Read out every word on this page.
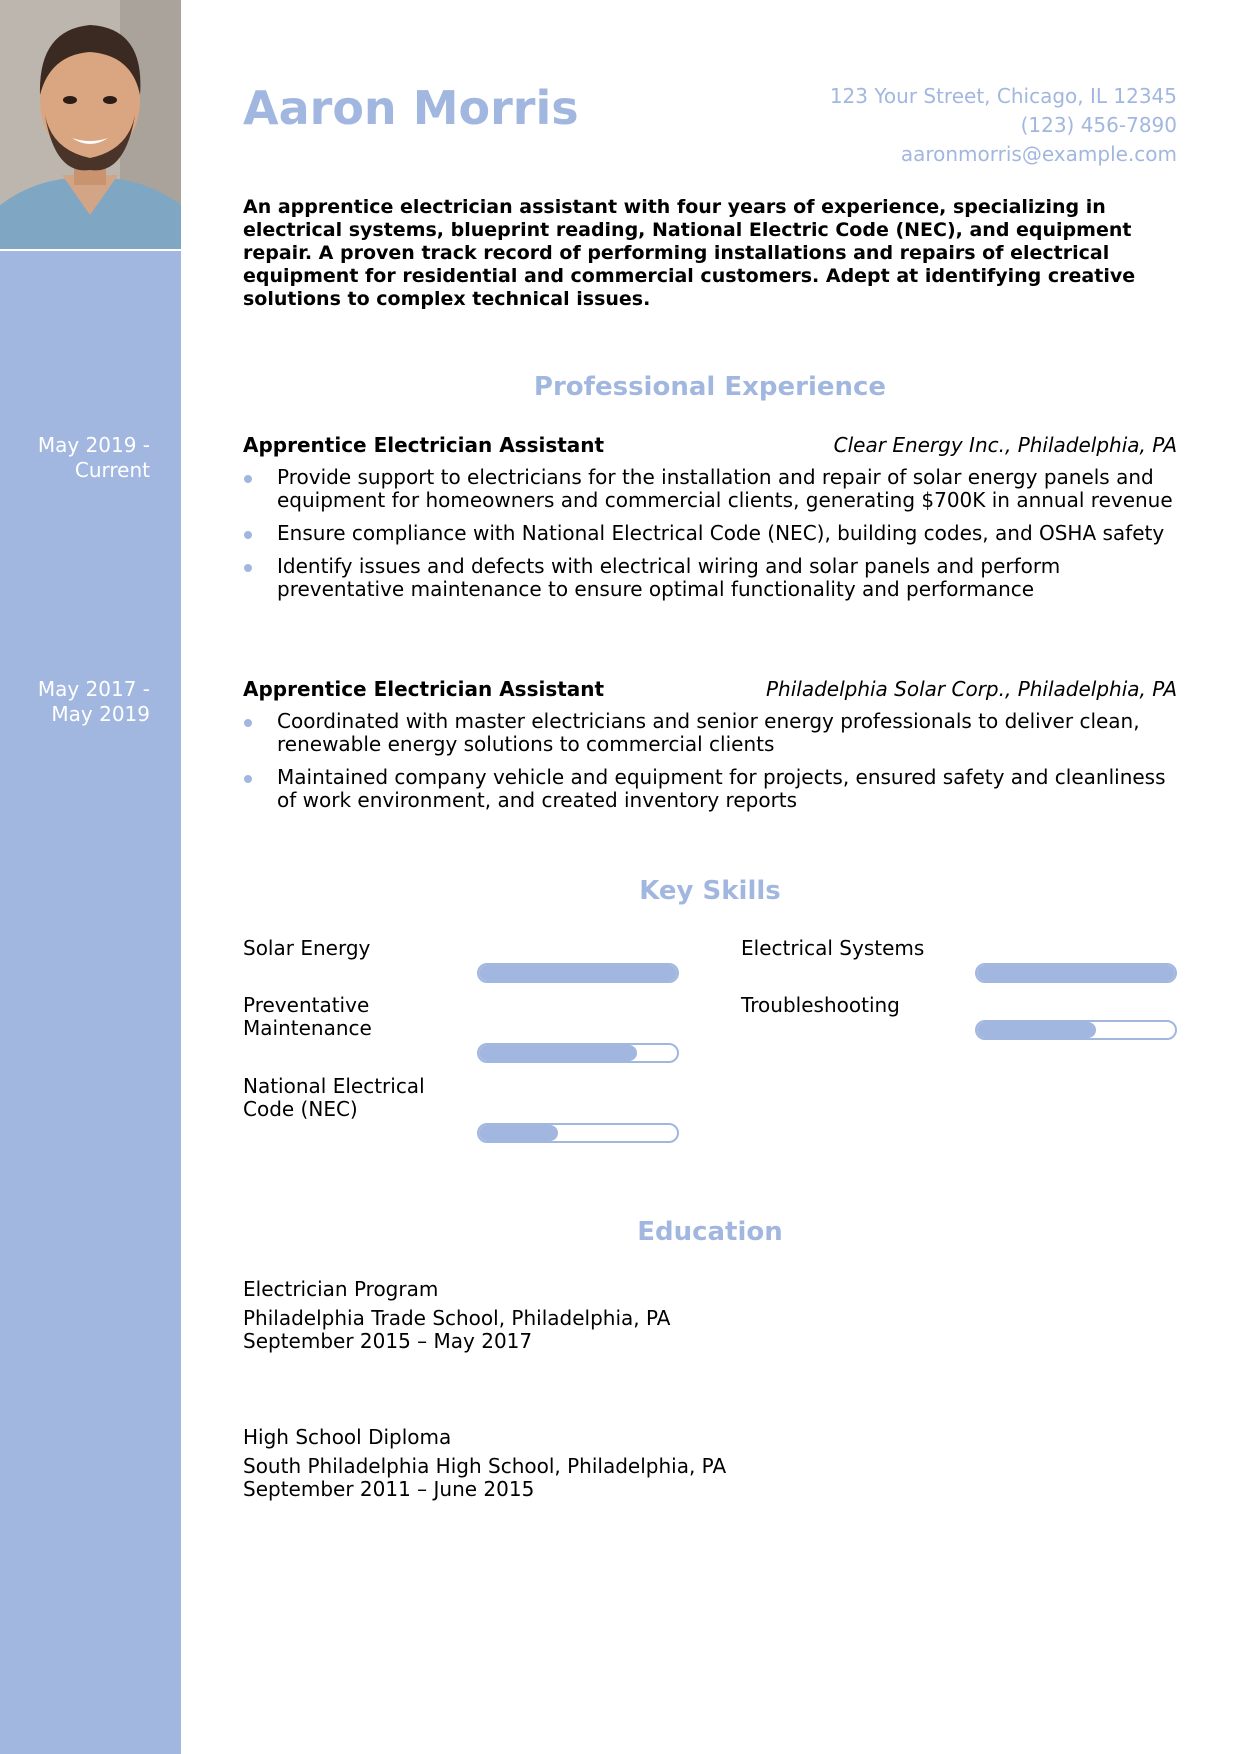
May 2019 -
Current
May 2017 -
May 2019
Aaron Morris	123 Your Street, Chicago, IL 12345
(123) 456-7890
aaronmorris@example.com

An apprentice electrician assistant with four years of experience, specializing in electrical systems, blueprint reading, National Electric Code (NEC), and equipment repair. A proven track record of performing installations and repairs of electrical equipment for residential and commercial customers. Adept at identifying creative solutions to complex technical issues.

Professional Experience
Apprentice Electrician Assistant	Clear Energy Inc., Philadelphia, PA
Provide support to electricians for the installation and repair of solar energy panels and equipment for homeowners and commercial clients, generating $700K in annual revenue
Ensure compliance with National Electrical Code (NEC), building codes, and OSHA safety
Identify issues and defects with electrical wiring and solar panels and perform preventative maintenance to ensure optimal functionality and performance
Apprentice Electrician Assistant	Philadelphia Solar Corp., Philadelphia, PA
Coordinated with master electricians and senior energy professionals to deliver clean, renewable energy solutions to commercial clients
Maintained company vehicle and equipment for projects, ensured safety and cleanliness of work environment, and created inventory reports
Key Skills
Solar Energy	Electrical Systems
Preventative Maintenance
Troubleshooting
National Electrical Code (NEC)
Education
Electrician Program
Philadelphia Trade School, Philadelphia, PA
September 2015 – May 2017
High School Diploma
South Philadelphia High School, Philadelphia, PA
September 2011 – June 2015
